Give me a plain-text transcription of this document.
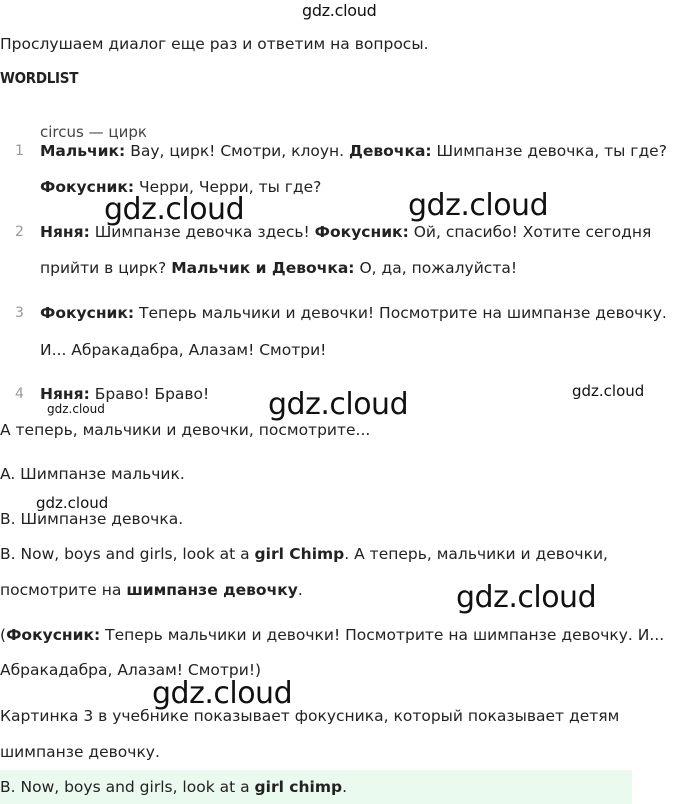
gdz.cloud
Прослушаем диалог еще раз и ответим на вопросы.
WORDLIST
circus — цирк
1 Мальчик: Вау, цирк! Смотри, клоун. Девочка: Шимпанзе девочка, ты где?
Фокусник: Черри, Черри, ты где?
2 Няня: Шимпанзе девочка здесь! Фокусник: Ой, спасибо! Хотите сегодня
прийти в цирк? Мальчик и Девочка: О, да, пожалуйста!
3 Фокусник: Теперь мальчики и девочки! Посмотрите на шимпанзе девочку.
И... Абракадабра, Алазам! Смотри!
4 Няня: Браво! Браво!
А теперь, мальчики и девочки, посмотрите...
A. Шимпанзе мальчик.
B. Шимпанзе девочка.
B. Now, boys and girls, look at a girl Chimp. А теперь, мальчики и девочки,
посмотрите на шимпанзе девочку.
(Фокусник: Теперь мальчики и девочки! Посмотрите на шимпанзе девочку. И...
Абракадабра, Алазам! Смотри!)
Картинка 3 в учебнике показывает фокусника, который показывает детям
шимпанзе девочку.
B. Now, boys and girls, look at a girl chimp.
gdz.cloud	gdz.cloud
gdz.cloud	gdz.cloud
gdz.cloud
gdz.cloud
gdz.cloud
gdz.cloud
